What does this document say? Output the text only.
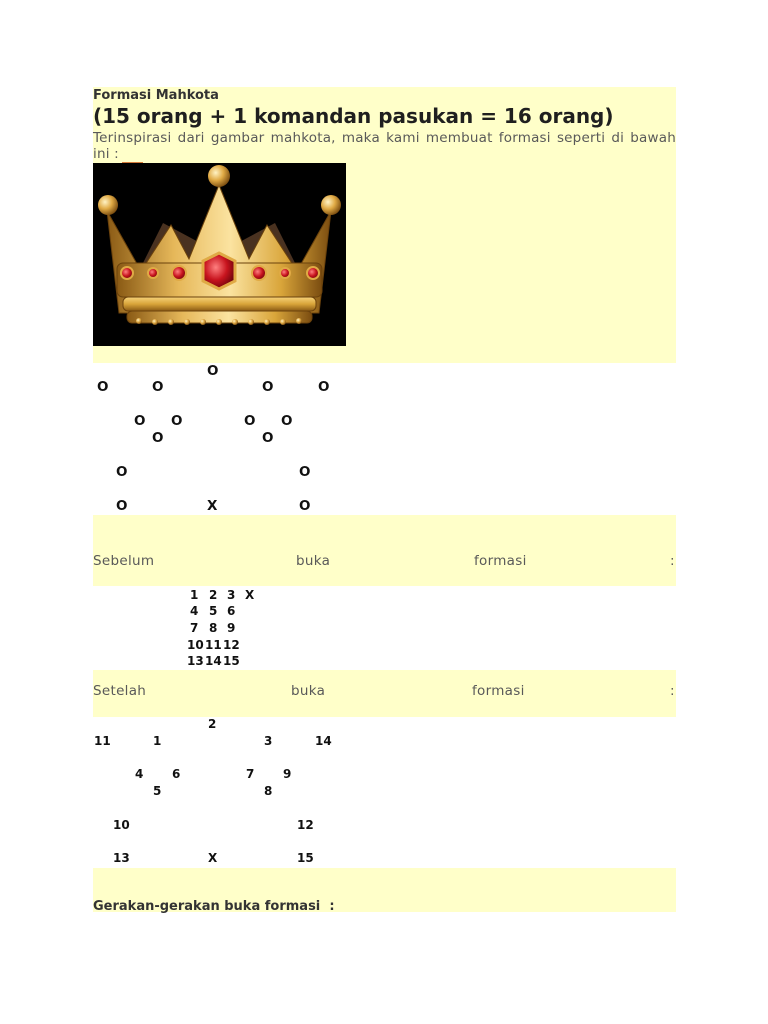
Formasi Mahkota
(15 orang + 1 komandan pasukan = 16 orang)
Terinspirasi dari gambar mahkota, maka kami membuat formasi seperti di bawah ini :
O
O	O	O	O
O O	O O
O	O
O	O
O	X	O
Sebelum	buka	formasi	:
1 2 3 X
4 5 6
7 8 9
10 11 12
13 14 15
Setelah	buka	formasi	:
2
11	1	3	14
4 6	7 9
5	8
10	12
13	X	15
Gerakan-gerakan buka formasi :
